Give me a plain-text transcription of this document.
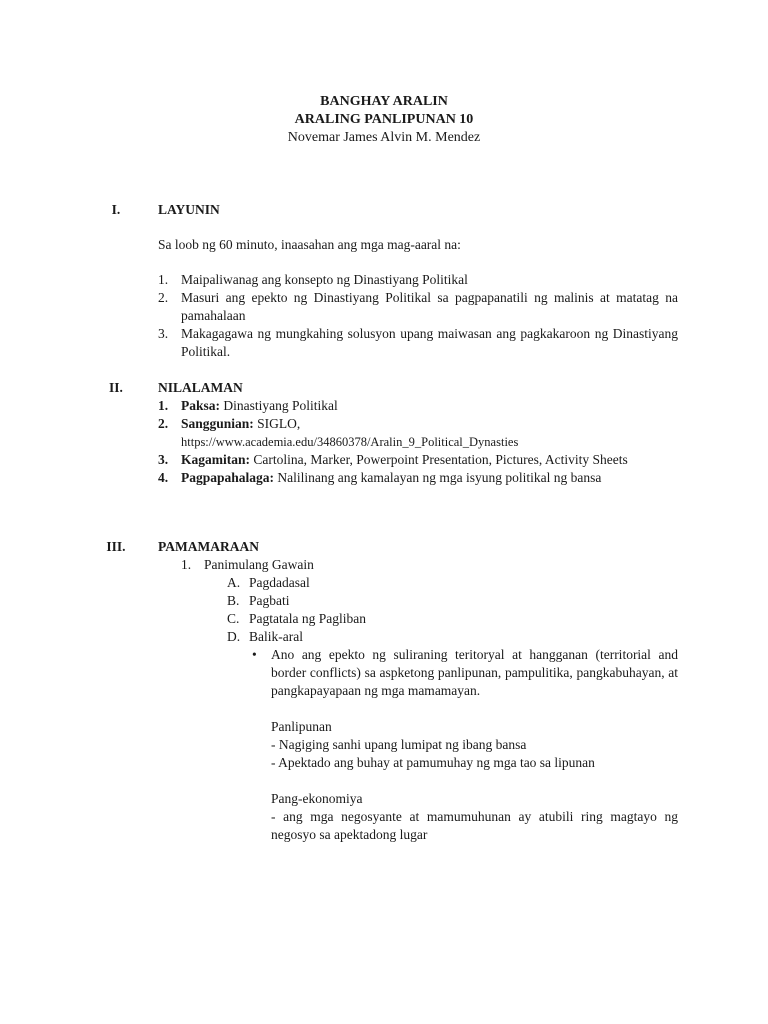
BANGHAY ARALIN
ARALING PANLIPUNAN 10
Novemar James Alvin M. Mendez
I.	LAYUNIN
Sa loob ng 60 minuto, inaasahan ang mga mag-aaral na:
1. Maipaliwanag ang konsepto ng Dinastiyang Politikal
2. Masuri ang epekto ng Dinastiyang Politikal sa pagpapanatili ng malinis at matatag na pamahalaan
3. Makagagawa ng mungkahing solusyon upang maiwasan ang pagkakaroon ng Dinastiyang Politikal.
II.	NILALAMAN
1. Paksa: Dinastiyang Politikal
2. Sanggunian: SIGLO,
https://www.academia.edu/34860378/Aralin_9_Political_Dynasties
3. Kagamitan: Cartolina, Marker, Powerpoint Presentation, Pictures, Activity Sheets
4. Pagpapahalaga: Nalilinang ang kamalayan ng mga isyung politikal ng bansa
III.	PAMAMARAAN
1. Panimulang Gawain
A. Pagdadasal
B. Pagbati
C. Pagtatala ng Pagliban
D. Balik-aral
• Ano ang epekto ng suliraning teritoryal at hangganan (territorial and border conflicts) sa aspketong panlipunan, pampulitika, pangkabuhayan, at pangkapayapaan ng mga mamamayan.
Panlipunan
- Nagiging sanhi upang lumipat ng ibang bansa
- Apektado ang buhay at pamumuhay ng mga tao sa lipunan
Pang-ekonomiya
- ang mga negosyante at mamumuhunan ay atubili ring magtayo ng negosyo sa apektadong lugar
